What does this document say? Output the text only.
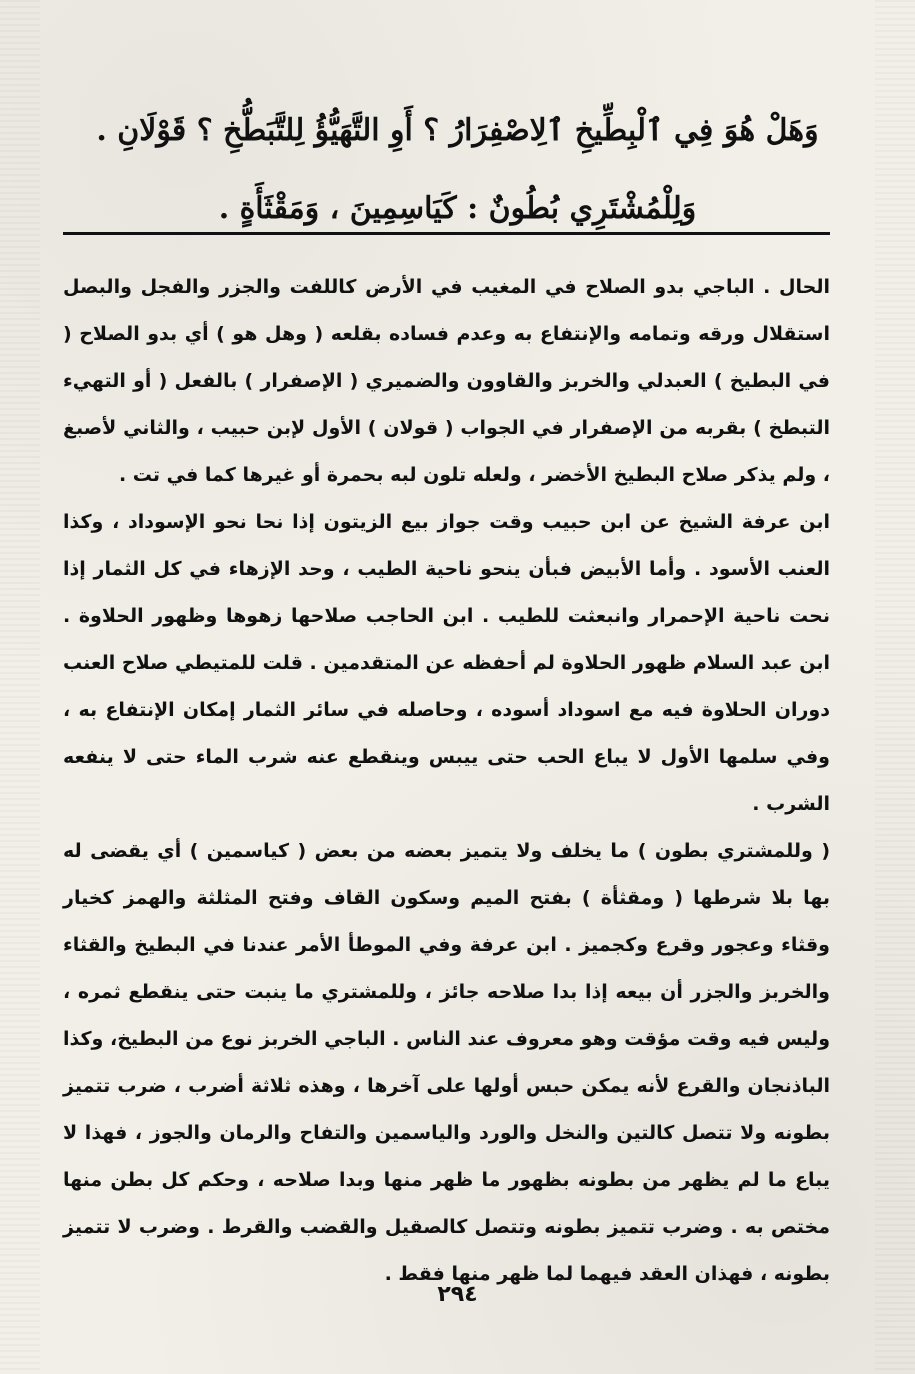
وَهَلْ هُوَ فِي ٱلْبِطِّيخِ ٱلِاصْفِرَارُ ؟ أَوِ التَّهَيُّؤُ لِلتَّبَطُّخِ ؟ قَوْلَانِ .
وَلِلْمُشْتَرِي بُطُونٌ : كَيَاسِمِينَ ، وَمَقْثَأَةٍ .

الحال . الباجي بدو الصلاح في المغيب في الأرض كاللفت والجزر والفجل والبصل استقلال ورقه وتمامه والإنتفاع به وعدم فساده بقلعه ( وهل هو ) أي بدو الصلاح ( في البطيخ ) العبدلي والخربز والقاوون والضميري ( الإصفرار ) بالفعل ( أو التهيء التبطخ ) بقربه من الإصفرار في الجواب ( قولان ) الأول لإبن حبيب ، والثاني لأصبغ ، ولم يذكر صلاح البطيخ الأخضر ، ولعله تلون لبه بحمرة أو غيرها كما في تت .

ابن عرفة الشيخ عن ابن حبيب وقت جواز بيع الزيتون إذا نحا نحو الإسوداد ، وكذا العنب الأسود . وأما الأبيض فبأن ينحو ناحية الطيب ، وحد الإزهاء في كل الثمار إذا نحت ناحية الإحمرار وانبعثت للطيب . ابن الحاجب صلاحها زهوها وظهور الحلاوة . ابن عبد السلام ظهور الحلاوة لم أحفظه عن المتقدمين . قلت للمتيطي صلاح العنب دوران الحلاوة فيه مع اسوداد أسوده ، وحاصله في سائر الثمار إمكان الإنتفاع به ، وفي سلمها الأول لا يباع الحب حتى ييبس وينقطع عنه شرب الماء حتى لا ينفعه الشرب .

( وللمشتري بطون ) ما يخلف ولا يتميز بعضه من بعض ( كياسمين ) أي يقضى له بها بلا شرطها ( ومقثأة ) بفتح الميم وسكون القاف وفتح المثلثة والهمز كخيار وقثاء وعجور وقرع وكجميز . ابن عرفة وفي الموطأ الأمر عندنا في البطيخ والقثاء والخربز والجزر أن بيعه إذا بدا صلاحه جائز ، وللمشتري ما ينبت حتى ينقطع ثمره ، وليس فيه وقت مؤقت وهو معروف عند الناس . الباجي الخربز نوع من البطيخ، وكذا الباذنجان والقرع لأنه يمكن حبس أولها على آخرها ، وهذه ثلاثة أضرب ، ضرب تتميز بطونه ولا تتصل كالتين والنخل والورد والياسمين والتفاح والرمان والجوز ، فهذا لا يباع ما لم يظهر من بطونه بظهور ما ظهر منها وبدا صلاحه ، وحكم كل بطن منها مختص به . وضرب تتميز بطونه وتتصل كالصقيل والقضب والقرط . وضرب لا تتميز بطونه ، فهذان العقد فيهما لما ظهر منها فقط .

٢٩٤
